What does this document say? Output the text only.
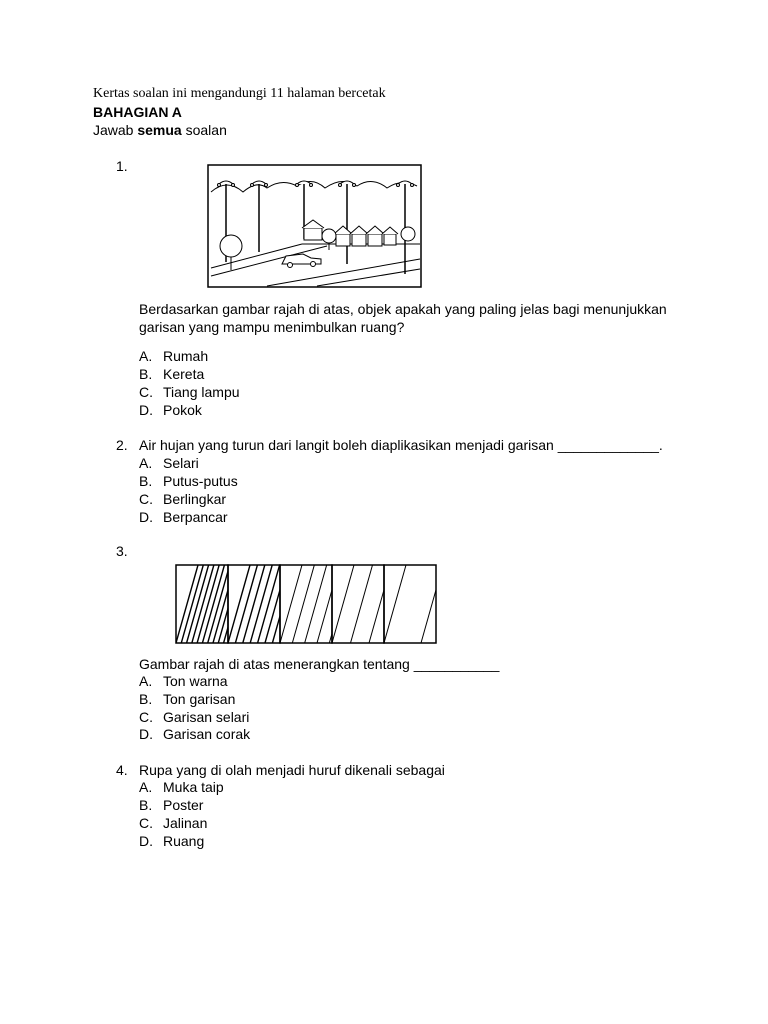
Kertas soalan ini mengandungi 11 halaman bercetak
BAHAGIAN A
Jawab semua soalan
1.
Berdasarkan gambar rajah di atas, objek apakah yang paling jelas bagi menunjukkan
garisan yang mampu menimbulkan ruang?
A. Rumah
B. Kereta
C. Tiang lampu
D. Pokok
2. Air hujan yang turun dari langit boleh diaplikasikan menjadi garisan _____________.
A. Selari
B. Putus-putus
C. Berlingkar
D. Berpancar
3.
Gambar rajah di atas menerangkan tentang ___________
A. Ton warna
B. Ton garisan
C. Garisan selari
D. Garisan corak
4. Rupa yang di olah menjadi huruf dikenali sebagai
A. Muka taip
B. Poster
C. Jalinan
D. Ruang
